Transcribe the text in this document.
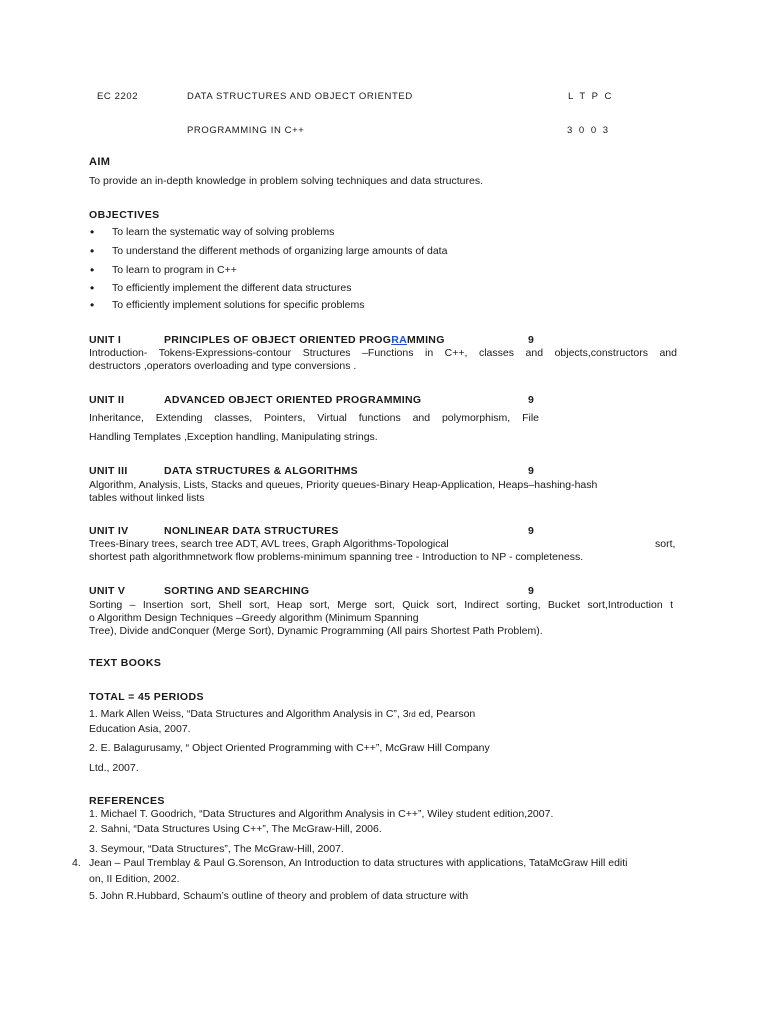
EC 2202	DATA STRUCTURES AND OBJECT ORIENTED	L T P C
PROGRAMMING IN C++	3 0 0 3
AIM
To provide an in-depth knowledge in problem solving techniques and data structures.
OBJECTIVES
• To learn the systematic way of solving problems
• To understand the different methods of organizing large amounts of data
• To learn to program in C++
• To efficiently implement the different data structures
• To efficiently implement solutions for specific problems
UNIT I	PRINCIPLES OF OBJECT ORIENTED PROGRAMMING	9
Introduction- Tokens-Expressions-contour Structures –Functions in C++, classes and objects,constructors and
destructors ,operators overloading and type conversions .
UNIT II	ADVANCED OBJECT ORIENTED PROGRAMMING	9
Inheritance, Extending classes, Pointers, Virtual functions and polymorphism, File
Handling Templates ,Exception handling, Manipulating strings.
UNIT III	DATA STRUCTURES & ALGORITHMS	9
Algorithm, Analysis, Lists, Stacks and queues, Priority queues-Binary Heap-Application, Heaps–hashing-hash
tables without linked lists
UNIT IV	NONLINEAR DATA STRUCTURES	9
Trees-Binary trees, search tree ADT, AVL trees, Graph Algorithms-Topological	sort,
shortest path algorithmnetwork flow problems-minimum spanning tree - Introduction to NP - completeness.
UNIT V	SORTING AND SEARCHING	9
Sorting – Insertion sort, Shell sort, Heap sort, Merge sort, Quick sort, Indirect sorting, Bucket sort,Introduction t
o Algorithm Design Techniques –Greedy algorithm (Minimum Spanning
Tree), Divide andConquer (Merge Sort), Dynamic Programming (All pairs Shortest Path Problem).
TEXT BOOKS
TOTAL = 45 PERIODS
1. Mark Allen Weiss, “Data Structures and Algorithm Analysis in C”, 3rd ed, Pearson
Education Asia, 2007.
2. E. Balagurusamy, “ Object Oriented Programming with C++”, McGraw Hill Company
Ltd., 2007.
REFERENCES
1. Michael T. Goodrich, “Data Structures and Algorithm Analysis in C++”, Wiley student edition,2007.
2. Sahni, “Data Structures Using C++”, The McGraw-Hill, 2006.
3. Seymour, “Data Structures”, The McGraw-Hill, 2007.
4. Jean – Paul Tremblay & Paul G.Sorenson, An Introduction to data structures with applications, TataMcGraw Hill editi
on, II Edition, 2002.
5. John R.Hubbard, Schaum’s outline of theory and problem of data structure with
